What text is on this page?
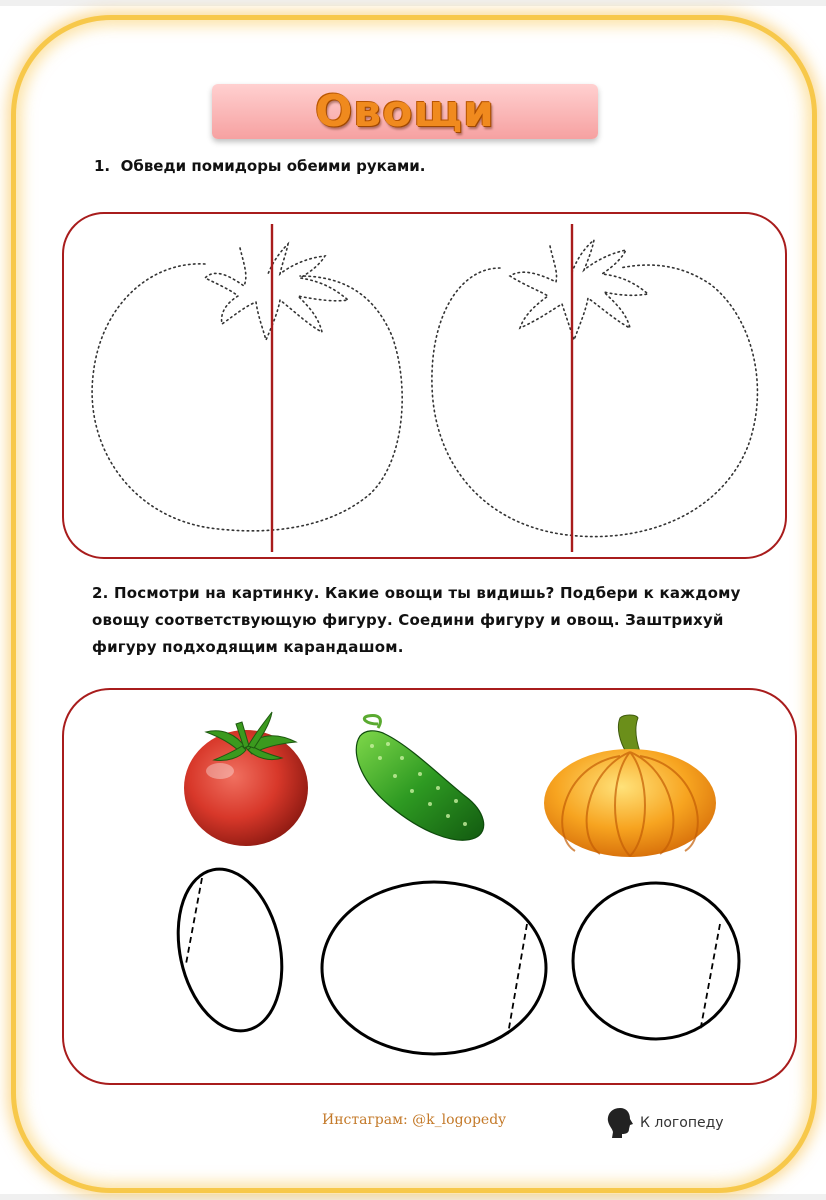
Овощи
1. Обведи помидоры обеими руками.
2. Посмотри на картинку. Какие овощи ты видишь? Подбери к каждому овощу соответствующую фигуру. Соедини фигуру и овощ. Заштрихуй фигуру подходящим карандашом.
Инстаграм: @k_logopedy	К логопеду
